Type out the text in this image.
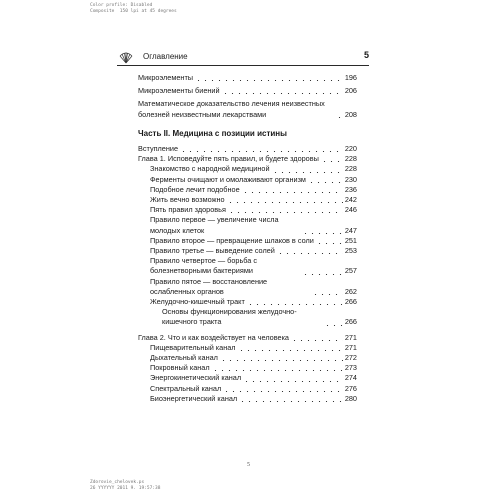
Color profile: Disabled
Composite  150 lpi at 45 degrees
Оглавление	5
Микроэлементы	196
Микроэлементы биений	206
Математическое доказательство лечения неизвестных болезней неизвестными лекарствами	208
Часть II. Медицина с позиции истины
Вступление	220
Глава 1. Исповедуйте пять правил, и будете здоровы	228
Знакомство с народной медициной	228
Ферменты очищают и омолаживают организм	230
Подобное лечит подобное	236
Жить вечно возможно	242
Пять правил здоровья	246
Правило первое — увеличение числа молодых клеток	247
Правило второе — превращение шлаков в соли	251
Правило третье — выведение солей	253
Правило четвертое — борьба с болезнетворными бактериями	257
Правило пятое — восстановление ослабленных органов	262
Желудочно-кишечный тракт	266
Основы функционирования желудочно-кишечного тракта	266
Глава 2. Что и как воздействует на человека	271
Пищеварительный канал	271
Дыхательный канал	272
Покровный канал	273
Энергокинетический канал	274
Спектральный канал	276
Биоэнергетический канал	280
5
Zdorovie_chelovek.ps
26 YYYYYY 2011 9. 19:57:38
